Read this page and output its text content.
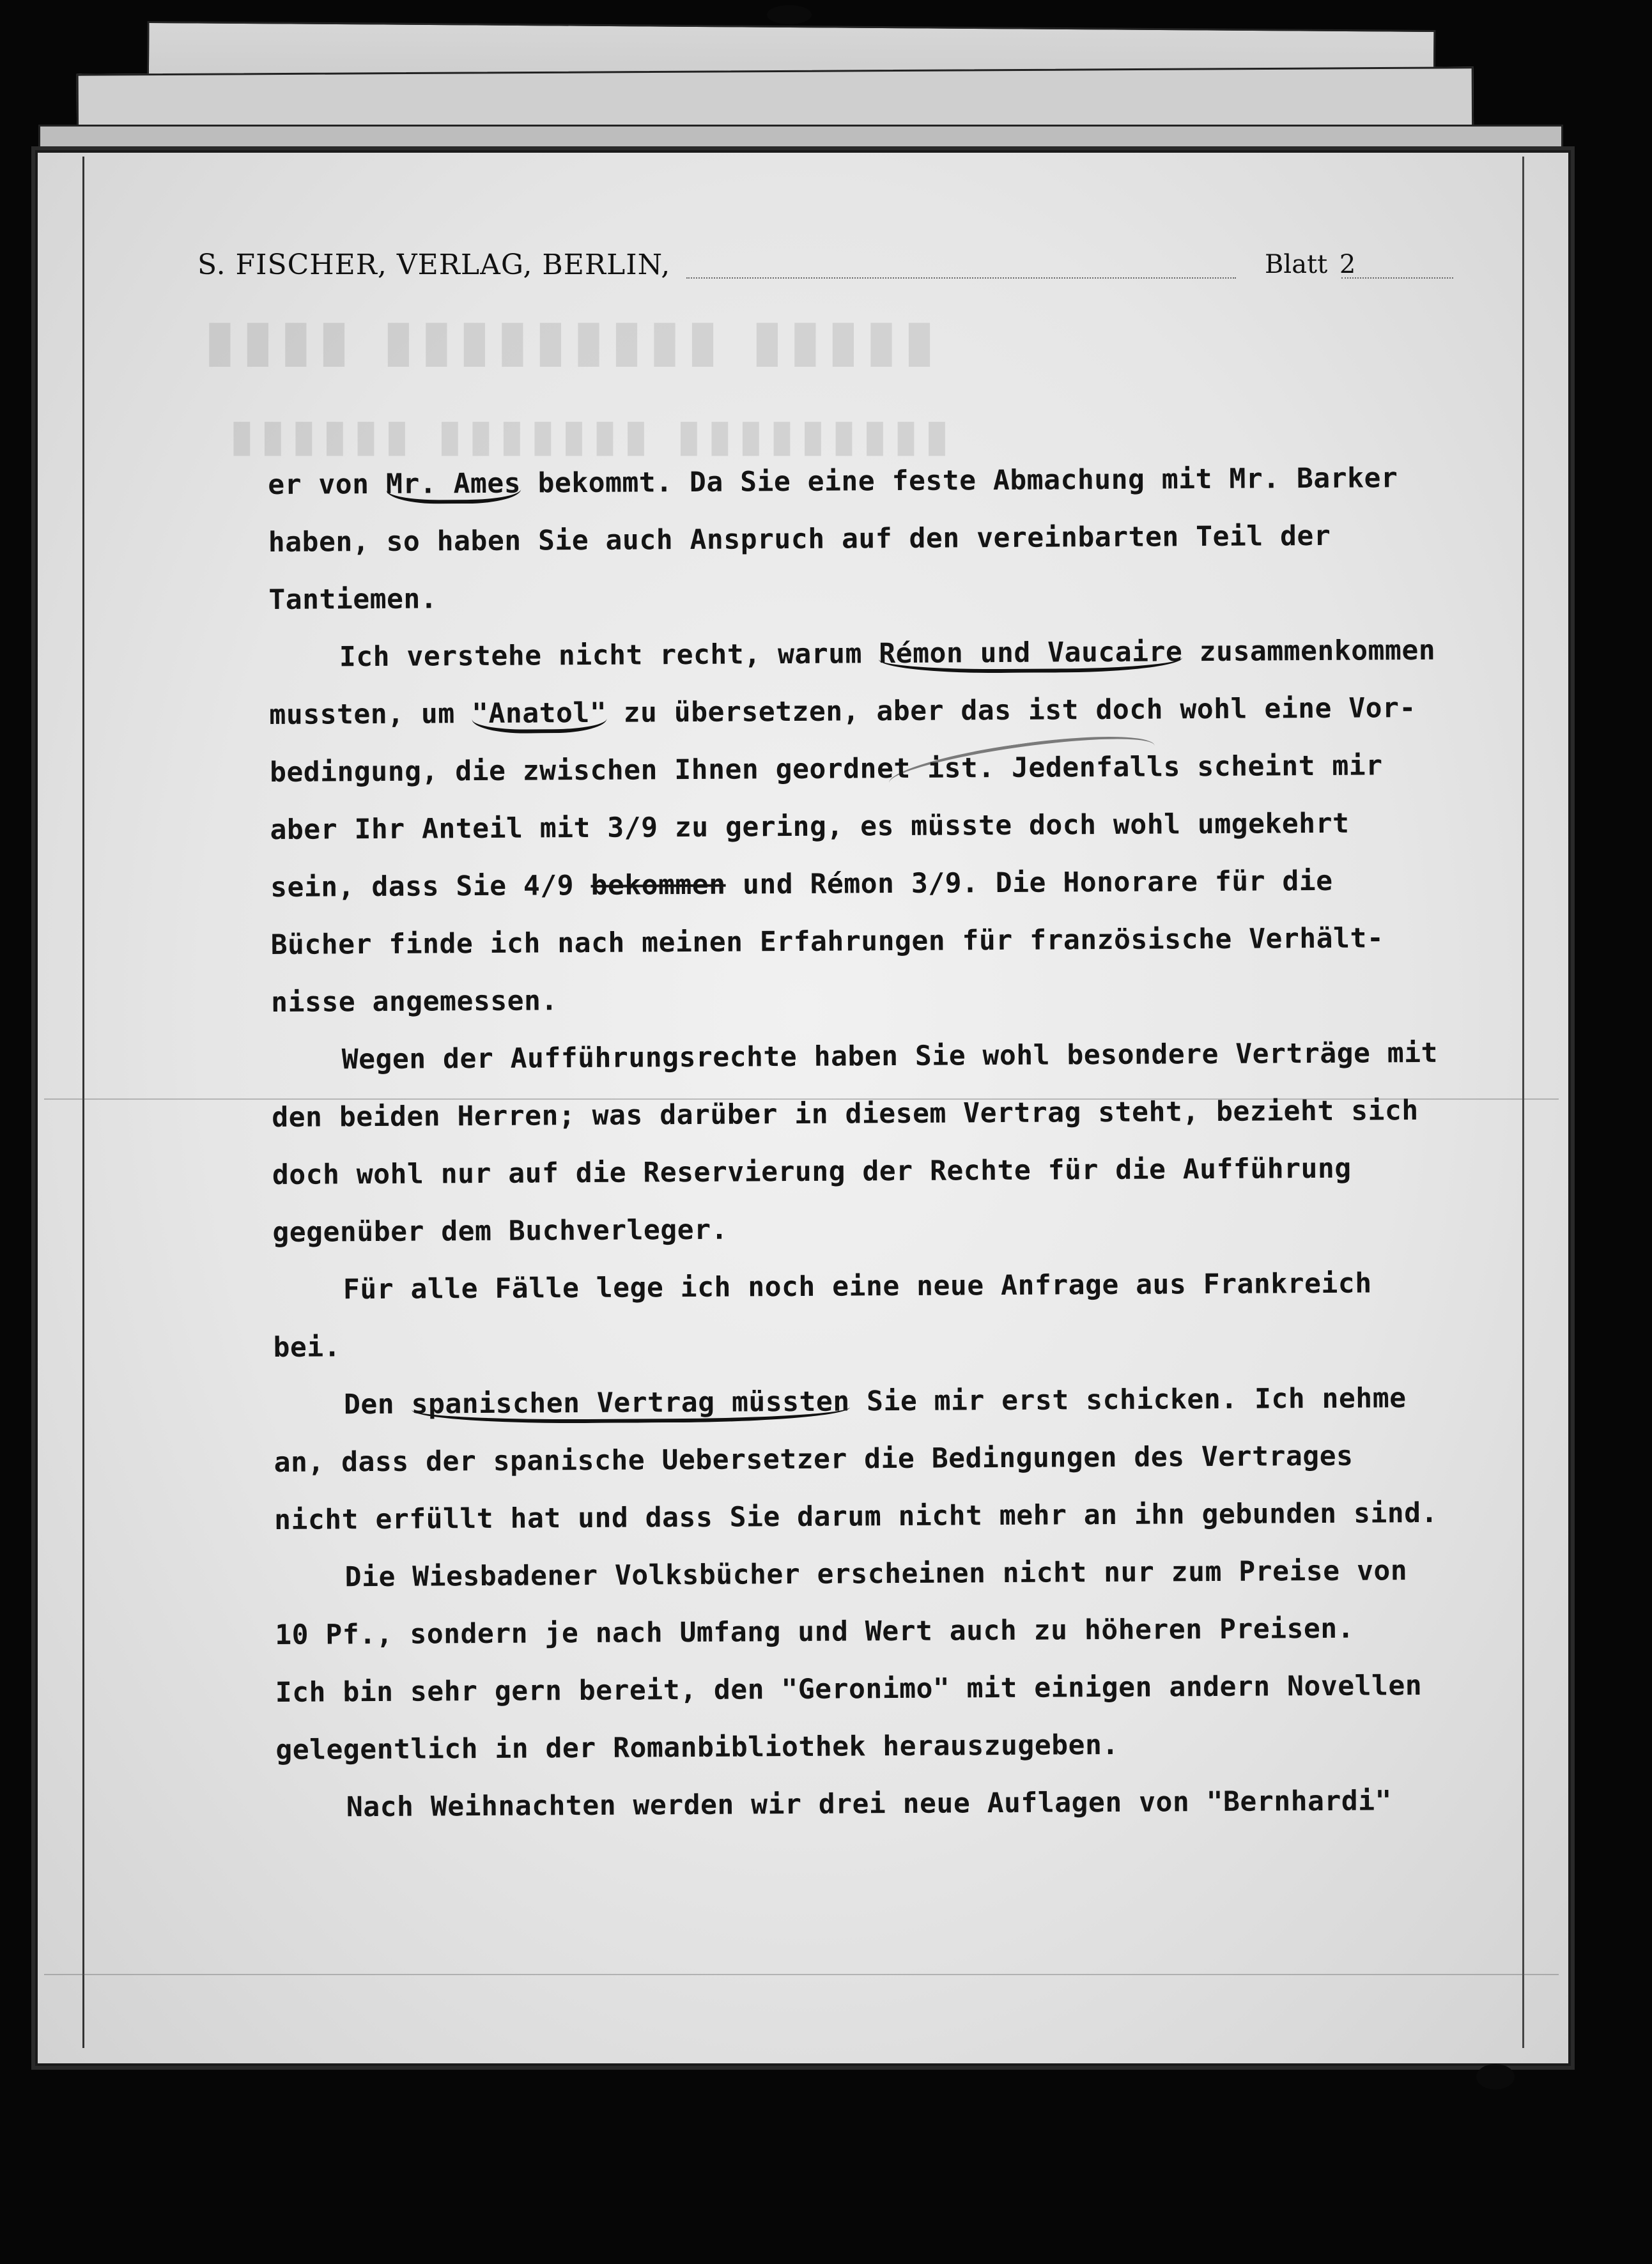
▮▮▮▮ ▮▮▮▮▮▮▮▮▮ ▮▮▮▮▮
▮▮▮▮▮▮ ▮▮▮▮▮▮▮ ▮▮▮▮▮▮▮▮▮
S. FISCHER, VERLAG, BERLIN,	Blatt 2
er von Mr. Ames bekommt. Da Sie eine feste Abmachung mit Mr. Barker
haben, so haben Sie auch Anspruch auf den vereinbarten Teil der
Tantiemen.
Ich verstehe nicht recht, warum Rémon und Vaucaire zusammenkommen
mussten, um "Anatol" zu übersetzen, aber das ist doch wohl eine Vor-
bedingung, die zwischen Ihnen geordnet ist. Jedenfalls scheint mir
aber Ihr Anteil mit 3/9 zu gering, es müsste doch wohl umgekehrt
sein, dass Sie 4/9 bekommen und Rémon 3/9. Die Honorare für die
Bücher finde ich nach meinen Erfahrungen für französische Verhält-
nisse angemessen.
Wegen der Aufführungsrechte haben Sie wohl besondere Verträge mit
den beiden Herren; was darüber in diesem Vertrag steht, bezieht sich
doch wohl nur auf die Reservierung der Rechte für die Aufführung
gegenüber dem Buchverleger.
Für alle Fälle lege ich noch eine neue Anfrage aus Frankreich
bei.
Den spanischen Vertrag müssten Sie mir erst schicken. Ich nehme
an, dass der spanische Uebersetzer die Bedingungen des Vertrages
nicht erfüllt hat und dass Sie darum nicht mehr an ihn gebunden sind.
Die Wiesbadener Volksbücher erscheinen nicht nur zum Preise von
10 Pf., sondern je nach Umfang und Wert auch zu höheren Preisen.
Ich bin sehr gern bereit, den "Geronimo" mit einigen andern Novellen
gelegentlich in der Romanbibliothek herauszugeben.
Nach Weihnachten werden wir drei neue Auflagen von "Bernhardi"
